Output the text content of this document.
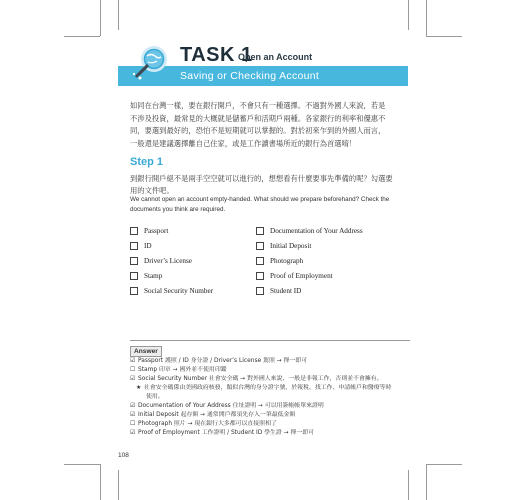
TASK 1
Open an Account
Saving or Checking Account
如同在台灣一樣，要在銀行開戶，不會只有一種選擇。不過對外國人來說，若是不涉及投資，最常見的大概就是儲蓄戶和活期戶兩種。各家銀行的利率和優惠不同，要選到最好的，恐怕不是短期就可以掌握的。對於初來乍到的外國人而言，一般還是建議選擇離自己住家，或是工作讀書場所近的銀行為首選唷！
Step 1
到銀行開戶絕不是兩手空空就可以進行的，想想看有什麼要事先準備的呢？勾選要用的文件吧。
We cannot open an account empty-handed. What should we prepare beforehand? Check the documents you think are required.
Passport
ID
Driver’s License
Stamp
Social Security Number
Documentation of Your Address
Initial Deposit
Photograph
Proof of Employment
Student ID
Answer
☑ Passport 護照 / ID 身分證 / Driver’s License 駕照 → 擇一即可
☐ Stamp 印章 → 國外並不使用印鑑
☑ Social Security Number 社會安全碼 → 對外國人來說，一般是非報工作，否則並不會擁有。
★ 社會安全碼係由美國政府核發，類似台灣的身分證字號，於報稅、找工作、申請帳戶和醫療等時
使用。
☑ Documentation of Your Address 住址證明 → 可以用簽帳帳單來證明
☑ Initial Deposit 起存額 → 通常開戶都須先存入一筆最低金額
☐ Photograph 照片 → 現在銀行大多都可以直接照相了
☑ Proof of Employment 工作證明 / Student ID 學生證 → 擇一即可
108
